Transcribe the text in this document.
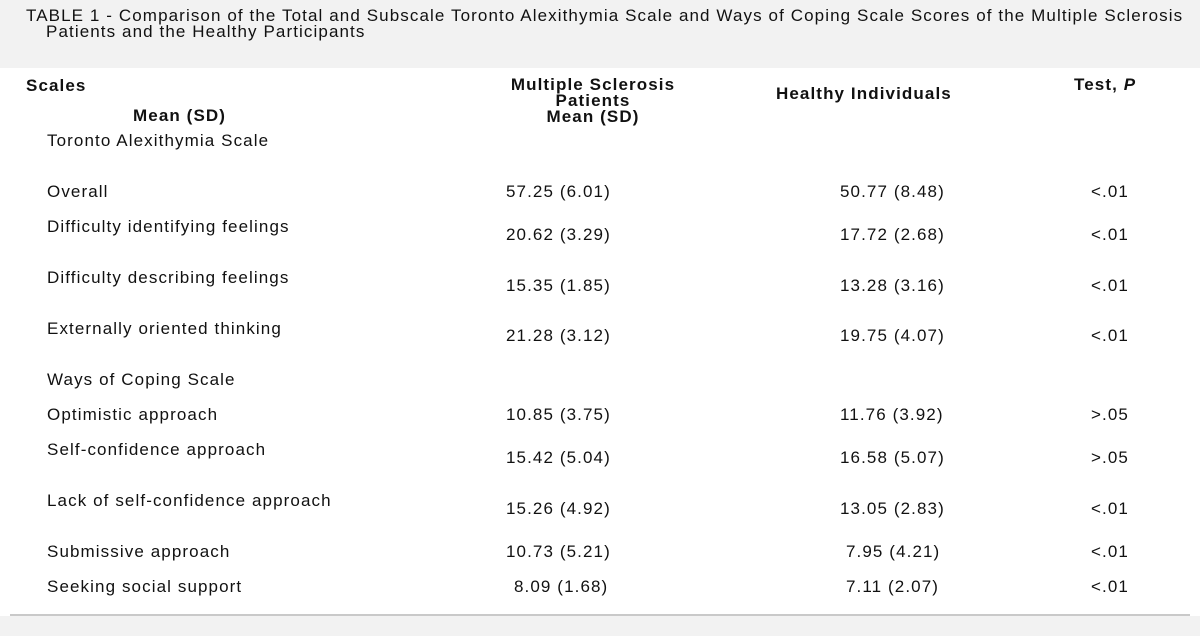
TABLE 1 - Comparison of the Total and Subscale Toronto Alexithymia Scale and Ways of Coping Scale Scores of the Multiple Sclerosis Patients and the Healthy Participants
Scales
Mean (SD)
Multiple Sclerosis
Patients
Mean (SD)
Healthy Individuals	Test, P
Toronto Alexithymia Scale
Overall	57.25 (6.01)	50.77 (8.48)	<.01
Difficulty identifying feelings	20.62 (3.29)	17.72 (2.68)	<.01
Difficulty describing feelings	15.35 (1.85)	13.28 (3.16)	<.01
Externally oriented thinking	21.28 (3.12)	19.75 (4.07)	<.01
Ways of Coping Scale
Optimistic approach	10.85 (3.75)	11.76 (3.92)	>.05
Self-confidence approach	15.42 (5.04)	16.58 (5.07)	>.05
Lack of self-confidence approach	15.26 (4.92)	13.05 (2.83)	<.01
Submissive approach	10.73 (5.21)	7.95 (4.21)	<.01
Seeking social support	8.09 (1.68)	7.11 (2.07)	<.01
